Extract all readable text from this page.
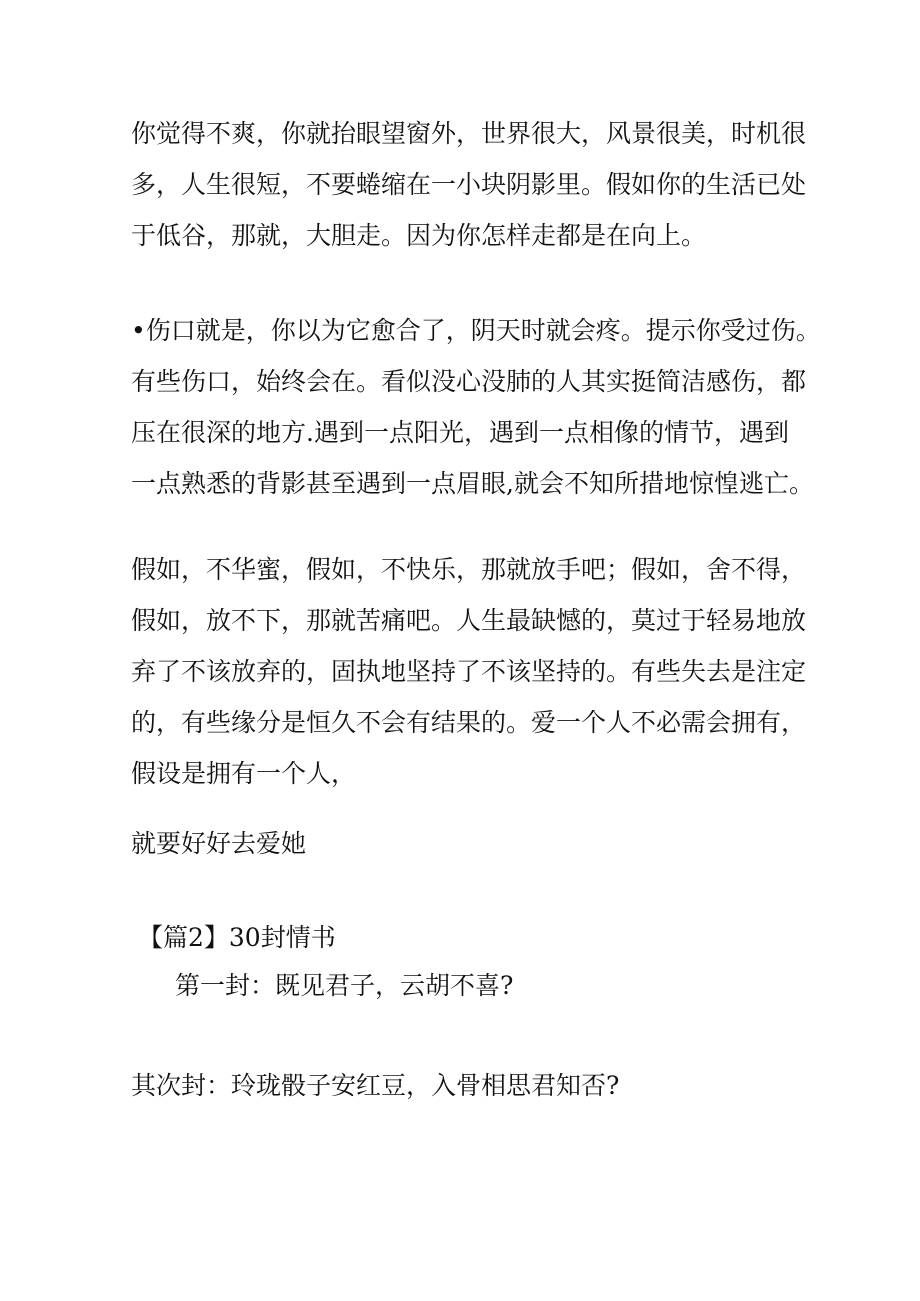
你觉得不爽，你就抬眼望窗外，世界很大，风景很美，时机很
多，人生很短，不要蜷缩在一小块阴影里。假如你的生活已处
于低谷，那就，大胆走。因为你怎样走都是在向上。

•伤口就是，你以为它愈合了，阴天时就会疼。提示你受过伤。
有些伤口，始终会在。看似没心没肺的人其实挺简洁感伤，都
压在很深的地方.遇到一点阳光，遇到一点相像的情节，遇到
一点熟悉的背影甚至遇到一点眉眼,就会不知所措地惊惶逃亡。

假如，不华蜜，假如，不快乐，那就放手吧；假如，舍不得，
假如，放不下，那就苦痛吧。人生最缺憾的，莫过于轻易地放
弃了不该放弃的，固执地坚持了不该坚持的。有些失去是注定
的，有些缘分是恒久不会有结果的。爱一个人不必需会拥有，
假设是拥有一个人，

就要好好去爱她

【篇2】30封情书

第一封：既见君子，云胡不喜?

其次封：玲珑骰子安红豆，入骨相思君知否?
